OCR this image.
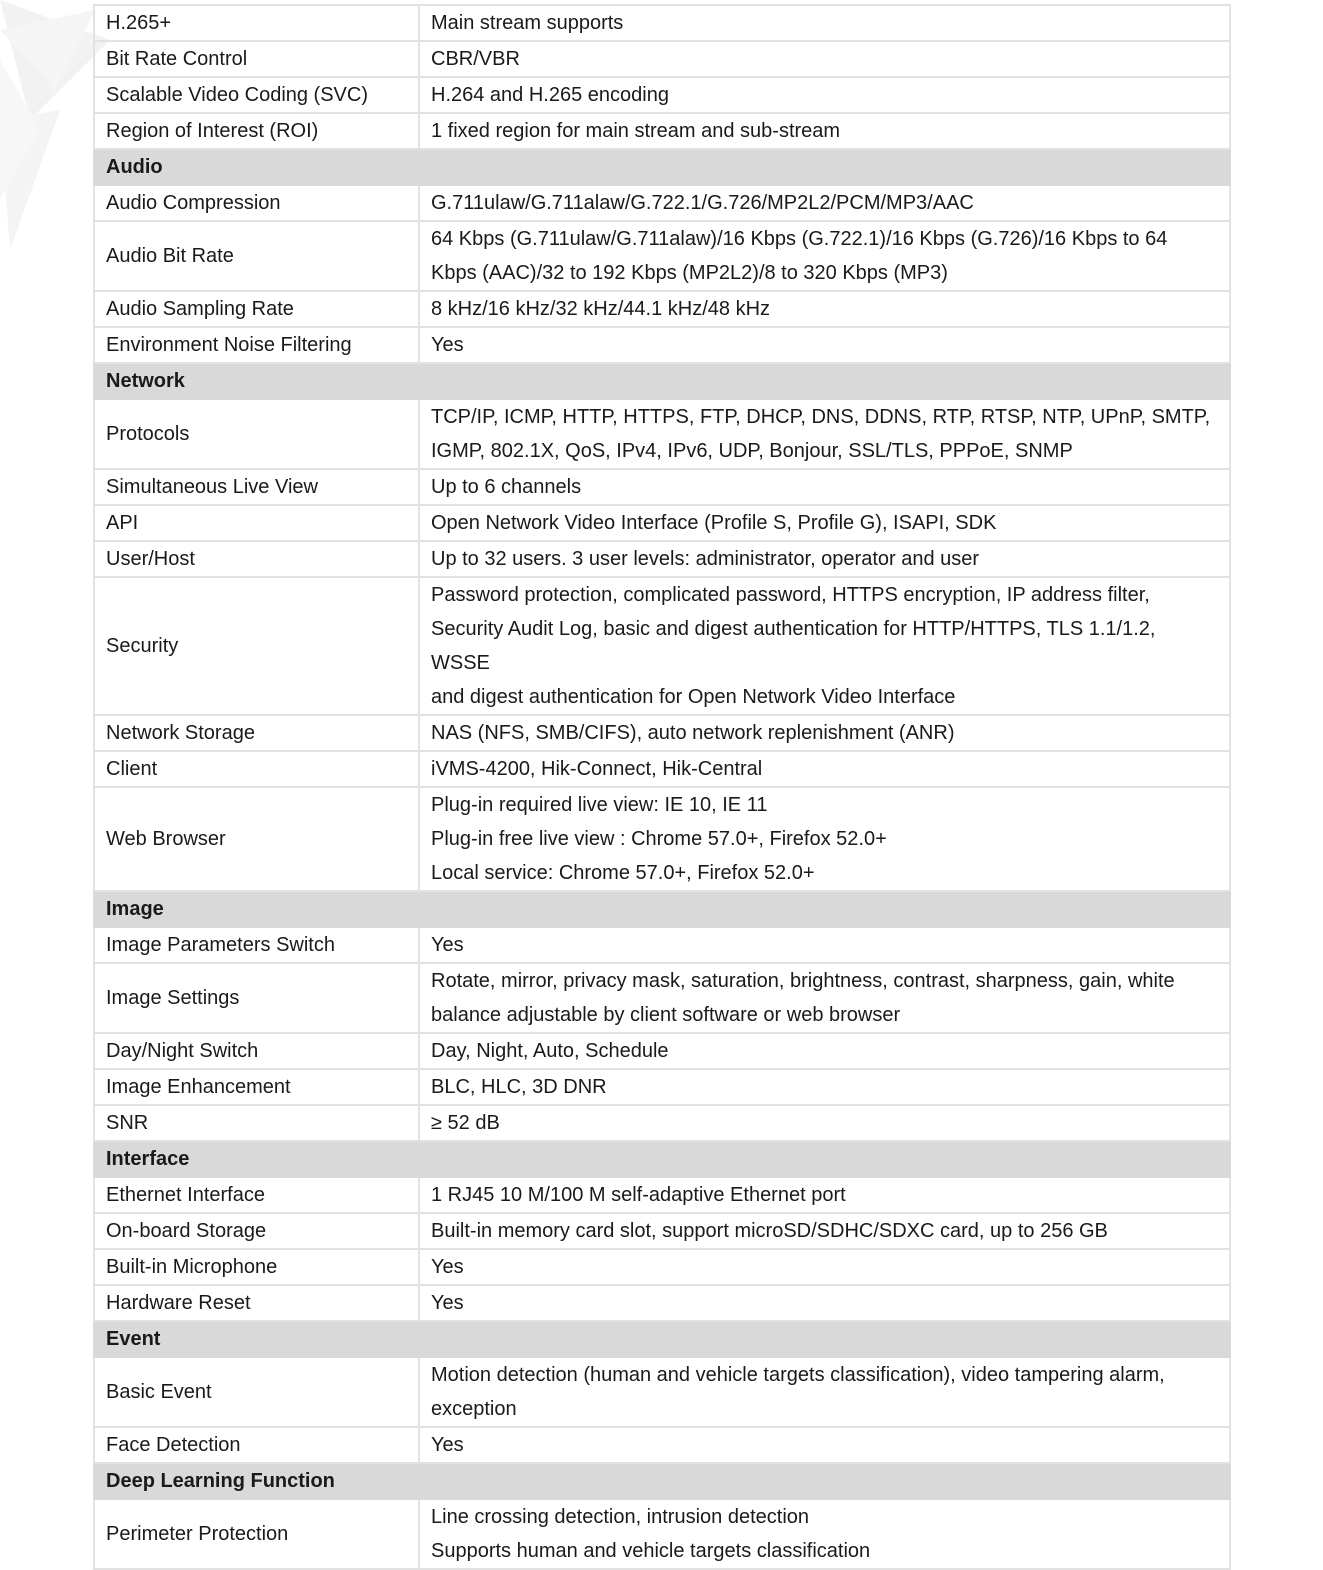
H.265+	Main stream supports

Bit Rate Control	CBR/VBR

Scalable Video Coding (SVC)	H.264 and H.265 encoding

Region of Interest (ROI)	1 fixed region for main stream and sub-stream

Audio	
Audio Compression	G.711ulaw/G.711alaw/G.722.1/G.726/MP2L2/PCM/MP3/AAC

Audio Bit Rate	64 Kbps (G.711ulaw/G.711alaw)/16 Kbps (G.722.1)/16 Kbps (G.726)/16 Kbps to 64
Kbps (AAC)/32 to 192 Kbps (MP2L2)/8 to 320 Kbps (MP3)

Audio Sampling Rate	8 kHz/16 kHz/32 kHz/44.1 kHz/48 kHz

Environment Noise Filtering	Yes

Network	
Protocols	TCP/IP, ICMP, HTTP, HTTPS, FTP, DHCP, DNS, DDNS, RTP, RTSP, NTP, UPnP, SMTP,
IGMP, 802.1X, QoS, IPv4, IPv6, UDP, Bonjour, SSL/TLS, PPPoE, SNMP

Simultaneous Live View	Up to 6 channels

API	Open Network Video Interface (Profile S, Profile G), ISAPI, SDK

User/Host	Up to 32 users. 3 user levels: administrator, operator and user

Security	Password protection, complicated password, HTTPS encryption, IP address filter,
Security Audit Log, basic and digest authentication for HTTP/HTTPS, TLS 1.1/1.2, WSSE
and digest authentication for Open Network Video Interface

Network Storage	NAS (NFS, SMB/CIFS), auto network replenishment (ANR)

Client	iVMS-4200, Hik-Connect, Hik-Central

Web Browser	Plug-in required live view: IE 10, IE 11
Plug-in free live view : Chrome 57.0+, Firefox 52.0+
Local service: Chrome 57.0+, Firefox 52.0+

Image	
Image Parameters Switch	Yes

Image Settings	Rotate, mirror, privacy mask, saturation, brightness, contrast, sharpness, gain, white
balance adjustable by client software or web browser

Day/Night Switch	Day, Night, Auto, Schedule

Image Enhancement	BLC, HLC, 3D DNR

SNR	≥ 52 dB

Interface	
Ethernet Interface	1 RJ45 10 M/100 M self-adaptive Ethernet port

On-board Storage	Built-in memory card slot, support microSD/SDHC/SDXC card, up to 256 GB

Built-in Microphone	Yes

Hardware Reset	Yes

Event	
Basic Event	Motion detection (human and vehicle targets classification), video tampering alarm,
exception

Face Detection	Yes

Deep Learning Function	
Perimeter Protection	Line crossing detection, intrusion detection
Supports human and vehicle targets classification
